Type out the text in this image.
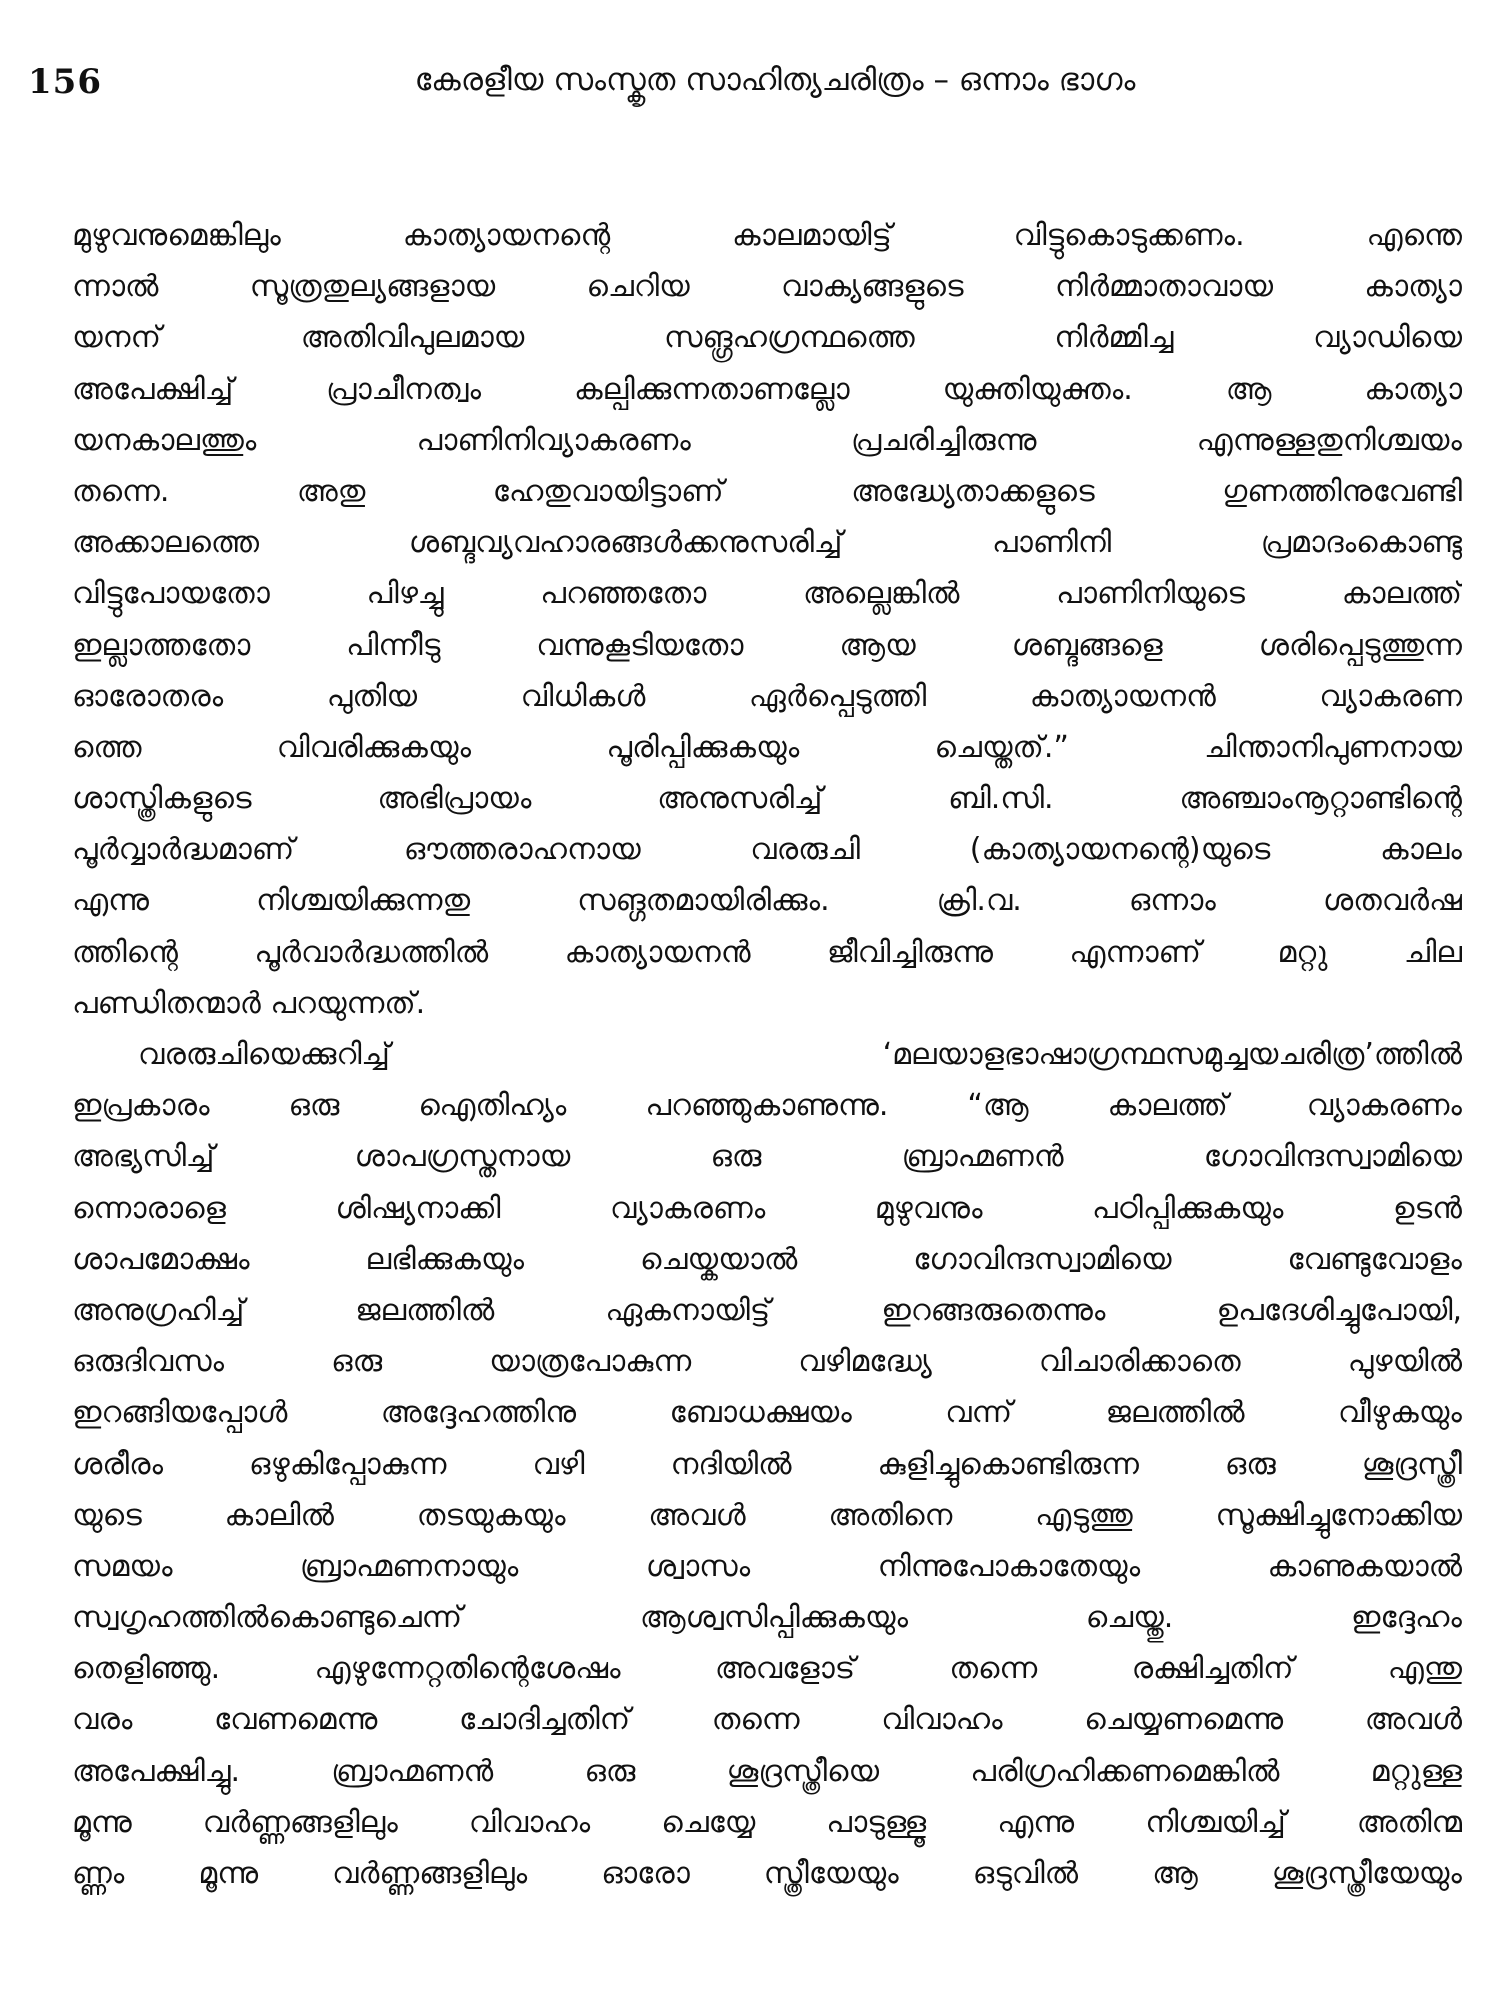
156	കേരളീയ സംസ്കൃത സാഹിത്യചരിത്രം – ഒന്നാം ഭാഗം
മുഴുവനുമെങ്കിലും കാത്യായനന്റെ കാലമായിട്ട് വിട്ടുകൊടുക്കണം. എന്തെ
ന്നാൽ സൂത്രതുല്യങ്ങളായ ചെറിയ വാക്യങ്ങളുടെ നിർമ്മാതാവായ കാത്യാ
യനന് അതിവിപുലമായ സങ്ഗ്രഹഗ്രന്ഥത്തെ നിർമ്മിച്ച വ്യാഡിയെ
അപേക്ഷിച്ച് പ്രാചീനത്വം കല്പിക്കുന്നതാണല്ലോ യുക്തിയുക്തം. ആ കാത്യാ
യനകാലത്തും പാണിനിവ്യാകരണം പ്രചരിച്ചിരുന്നു എന്നുള്ളതുനിശ്ചയം
തന്നെ. അതു ഹേതുവായിട്ടാണ് അദ്ധ്യേതാക്കളുടെ ഗുണത്തിനുവേണ്ടി
അക്കാലത്തെ ശബ്ദവ്യവഹാരങ്ങൾക്കനുസരിച്ച് പാണിനി പ്രമാദംകൊണ്ടു
വിട്ടുപോയതോ പിഴച്ചു പറഞ്ഞതോ അല്ലെങ്കിൽ പാണിനിയുടെ കാലത്ത്
ഇല്ലാത്തതോ പിന്നീടു വന്നുകൂടിയതോ ആയ ശബ്ദങ്ങളെ ശരിപ്പെടുത്തുന്ന
ഓരോതരം പുതിയ വിധികൾ ഏർപ്പെടുത്തി കാത്യായനൻ വ്യാകരണ
ത്തെ വിവരിക്കുകയും പൂരിപ്പിക്കുകയും ചെയ്തത്.” ചിന്താനിപുണനായ
ശാസ്ത്രികളുടെ അഭിപ്രായം അനുസരിച്ച് ബി.സി. അഞ്ചാംനൂറ്റാണ്ടിന്റെ
പൂർവ്വാർദ്ധമാണ് ഔത്തരാഹനായ വരരുചി (കാത്യായനന്റെ)യുടെ കാലം
എന്നു നിശ്ചയിക്കുന്നതു സങ്ഗതമായിരിക്കും. ക്രി.വ. ഒന്നാം ശതവർഷ
ത്തിന്റെ പൂർവാർദ്ധത്തിൽ കാത്യായനൻ ജീവിച്ചിരുന്നു എന്നാണ് മറ്റു ചില
പണ്ഡിതന്മാർ പറയുന്നത്.
വരരുചിയെക്കുറിച്ച് ‘മലയാളഭാഷാഗ്രന്ഥസമുച്ചയചരിത്ര’ത്തിൽ
ഇപ്രകാരം ഒരു ഐതിഹ്യം പറഞ്ഞുകാണുന്നു. “ആ കാലത്ത് വ്യാകരണം
അഭ്യസിച്ച് ശാപഗ്രസ്തനായ ഒരു ബ്രാഹ്മണൻ ഗോവിന്ദസ്വാമിയെ
ന്നൊരാളെ ശിഷ്യനാക്കി വ്യാകരണം മുഴുവനും പഠിപ്പിക്കുകയും ഉടൻ
ശാപമോക്ഷം ലഭിക്കുകയും ചെയ്കയാൽ ഗോവിന്ദസ്വാമിയെ വേണ്ടുവോളം
അനുഗ്രഹിച്ച് ജലത്തിൽ ഏകനായിട്ട് ഇറങ്ങരുതെന്നും ഉപദേശിച്ചുപോയി,
ഒരുദിവസം ഒരു യാത്രപോകുന്ന വഴിമദ്ധ്യേ വിചാരിക്കാതെ പുഴയിൽ
ഇറങ്ങിയപ്പോൾ അദ്ദേഹത്തിനു ബോധക്ഷയം വന്ന് ജലത്തിൽ വീഴുകയും
ശരീരം ഒഴുകിപ്പോകുന്ന വഴി നദിയിൽ കുളിച്ചുകൊണ്ടിരുന്ന ഒരു ശൂദ്രസ്ത്രീ
യുടെ കാലിൽ തടയുകയും അവൾ അതിനെ എടുത്തു സൂക്ഷിച്ചുനോക്കിയ
സമയം ബ്രാഹ്മണനായും ശ്വാസം നിന്നുപോകാതേയും കാണുകയാൽ
സ്വഗൃഹത്തിൽകൊണ്ടുചെന്ന് ആശ്വസിപ്പിക്കുകയും ചെയ്തു. ഇദ്ദേഹം
തെളിഞ്ഞു. എഴുന്നേറ്റതിന്റെശേഷം അവളോട് തന്നെ രക്ഷിച്ചതിന് എന്തു
വരം വേണമെന്നു ചോദിച്ചതിന് തന്നെ വിവാഹം ചെയ്യണമെന്നു അവൾ
അപേക്ഷിച്ചു. ബ്രാഹ്മണൻ ഒരു ശൂദ്രസ്ത്രീയെ പരിഗ്രഹിക്കണമെങ്കിൽ മറ്റുള്ള
മൂന്നു വർണ്ണങ്ങളിലും വിവാഹം ചെയ്യേ പാടുള്ളൂ എന്നു നിശ്ചയിച്ച് അതിന്മ
ണ്ണം മൂന്നു വർണ്ണങ്ങളിലും ഓരോ സ്ത്രീയേയും ഒടുവിൽ ആ ശൂദ്രസ്ത്രീയേയും
